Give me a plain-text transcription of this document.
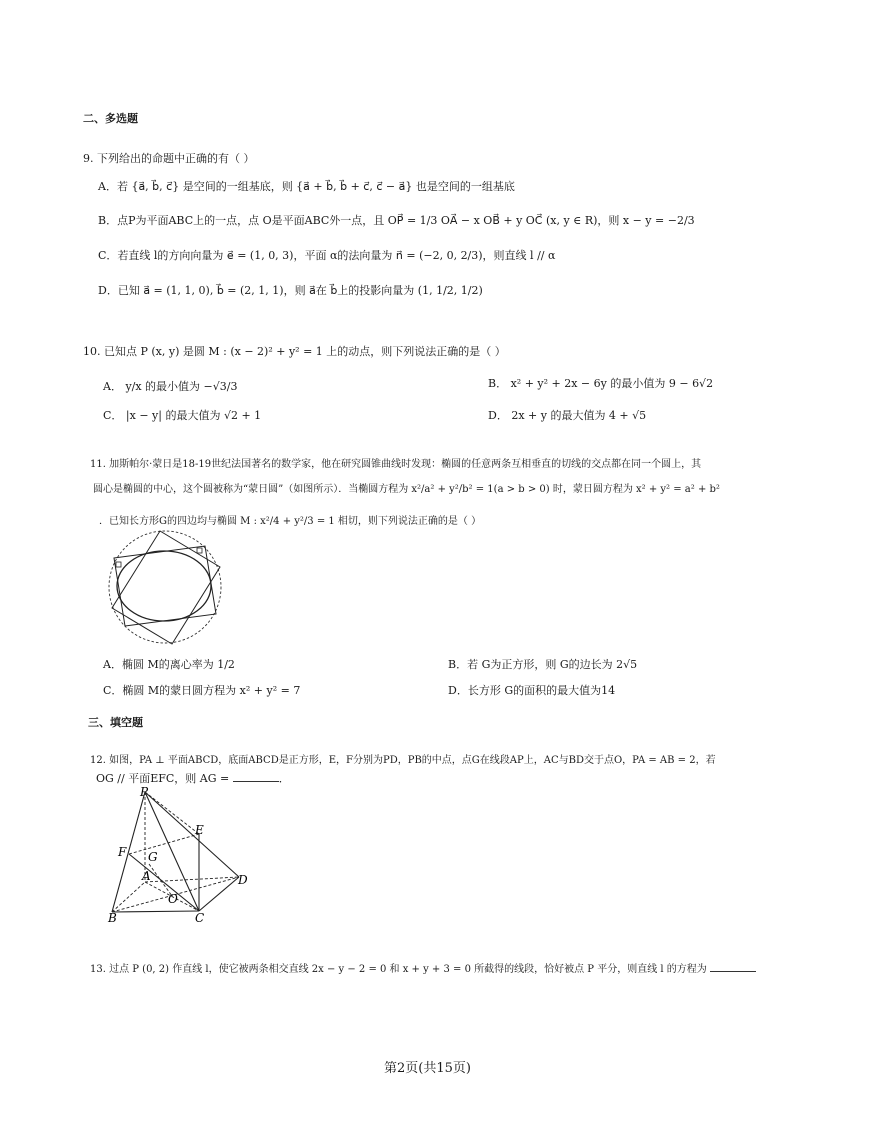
二、多选题
9. 下列给出的命题中正确的有（ ）
A．若 {a⃗, b⃗, c⃗} 是空间的一组基底，则 {a⃗ + b⃗, b⃗ + c⃗, c⃗ − a⃗} 也是空间的一组基底
B．点P为平面ABC上的一点，点 O是平面ABC外一点，且 OP⃗ = 1/3 OA⃗ − x OB⃗ + y OC⃗ (x, y ∈ R)，则 x − y = −2/3
C．若直线 l的方向向量为 e⃗ = (1, 0, 3)，平面 α的法向量为 n⃗ = (−2, 0, 2/3)，则直线 l // α
D．已知 a⃗ = (1, 1, 0), b⃗ = (2, 1, 1)，则 a⃗在 b⃗上的投影向量为 (1, 1/2, 1/2)
10. 已知点 P (x, y) 是圆 M : (x − 2)² + y² = 1 上的动点，则下列说法正确的是（ ）
A． y/x 的最小值为 −√3/3	B． x² + y² + 2x − 6y 的最小值为 9 − 6√2
C． |x − y| 的最大值为 √2 + 1	D． 2x + y 的最大值为 4 + √5
11. 加斯帕尔·蒙日是18-19世纪法国著名的数学家，他在研究圆锥曲线时发现：椭圆的任意两条互相垂直的切线的交点都在同一个圆上，其
圆心是椭圆的中心，这个圆被称为“蒙日圆”（如图所示）．当椭圆方程为 x²/a² + y²/b² = 1(a > b > 0) 时，蒙日圆方程为 x² + y² = a² + b²
．已知长方形G的四边均与椭圆 M : x²/4 + y²/3 = 1 相切，则下列说法正确的是（ ）
A．椭圆 M的离心率为 1/2	B．若 G为正方形，则 G的边长为 2√5
C．椭圆 M的蒙日圆方程为 x² + y² = 7	D．长方形 G的面积的最大值为14
三、填空题
12. 如图，PA ⊥ 平面ABCD，底面ABCD是正方形，E，F分别为PD，PB的中点，点G在线段AP上，AC与BD交于点O，PA = AB = 2，若
OG // 平面EFC，则 AG =	．
P
E
F G
A	D
O
B	C
13. 过点 P (0, 2) 作直线 l，使它被两条相交直线 2x − y − 2 = 0 和 x + y + 3 = 0 所截得的线段，恰好被点 P 平分，则直线 l 的方程为
第2页(共15页)
